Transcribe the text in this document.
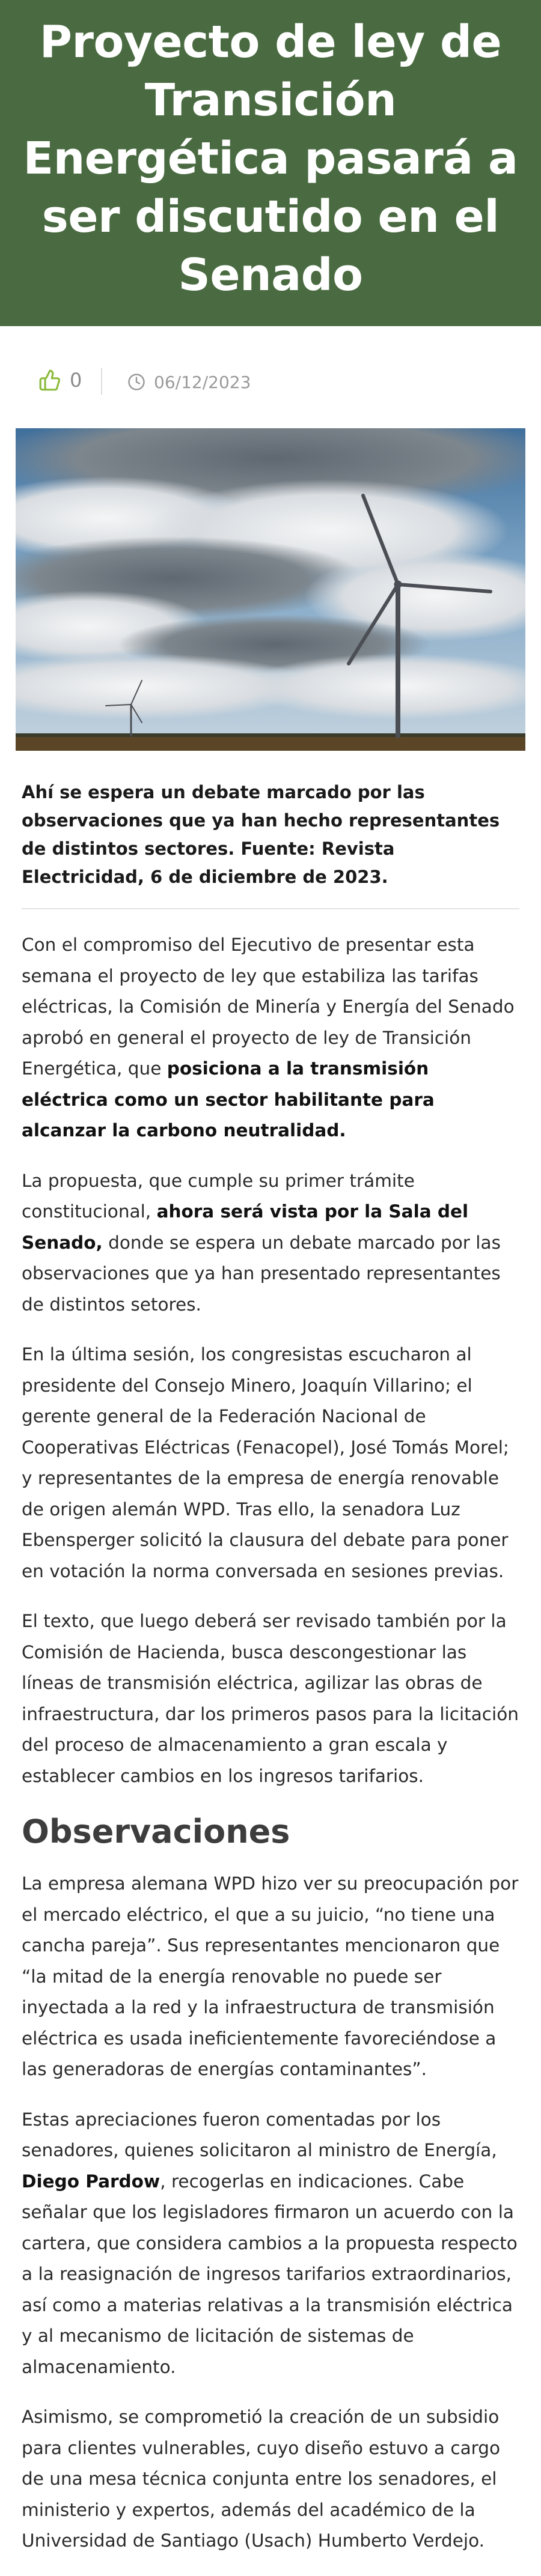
Proyecto de ley de Transición Energética pasará a ser discutido en el Senado
0	06/12/2023

Ahí se espera un debate marcado por las observaciones que ya han hecho representantes de distintos sectores. Fuente: Revista Electricidad, 6 de diciembre de 2023.

Con el compromiso del Ejecutivo de presentar esta semana el proyecto de ley que estabiliza las tarifas eléctricas, la Comisión de Minería y Energía del Senado aprobó en general el proyecto de ley de Transición Energética, que posiciona a la transmisión eléctrica como un sector habilitante para alcanzar la carbono neutralidad.

La propuesta, que cumple su primer trámite constitucional, ahora será vista por la Sala del Senado, donde se espera un debate marcado por las observaciones que ya han presentado representantes de distintos setores.

En la última sesión, los congresistas escucharon al presidente del Consejo Minero, Joaquín Villarino; el gerente general de la Federación Nacional de Cooperativas Eléctricas (Fenacopel), José Tomás Morel; y representantes de la empresa de energía renovable de origen alemán WPD. Tras ello, la senadora Luz Ebensperger solicitó la clausura del debate para poner en votación la norma conversada en sesiones previas.

El texto, que luego deberá ser revisado también por la Comisión de Hacienda, busca descongestionar las líneas de transmisión eléctrica, agilizar las obras de infraestructura, dar los primeros pasos para la licitación del proceso de almacenamiento a gran escala y establecer cambios en los ingresos tarifarios.

Observaciones

La empresa alemana WPD hizo ver su preocupación por el mercado eléctrico, el que a su juicio, “no tiene una cancha pareja”. Sus representantes mencionaron que “la mitad de la energía renovable no puede ser inyectada a la red y la infraestructura de transmisión eléctrica es usada ineficientemente favoreciéndose a las generadoras de energías contaminantes”.

Estas apreciaciones fueron comentadas por los senadores, quienes solicitaron al ministro de Energía, Diego Pardow, recogerlas en indicaciones. Cabe señalar que los legisladores firmaron un acuerdo con la cartera, que considera cambios a la propuesta respecto a la reasignación de ingresos tarifarios extraordinarios, así como a materias relativas a la transmisión eléctrica y al mecanismo de licitación de sistemas de almacenamiento.

Asimismo, se comprometió la creación de un subsidio para clientes vulnerables, cuyo diseño estuvo a cargo de una mesa técnica conjunta entre los senadores, el ministerio y expertos, además del académico de la Universidad de Santiago (Usach) Humberto Verdejo.
